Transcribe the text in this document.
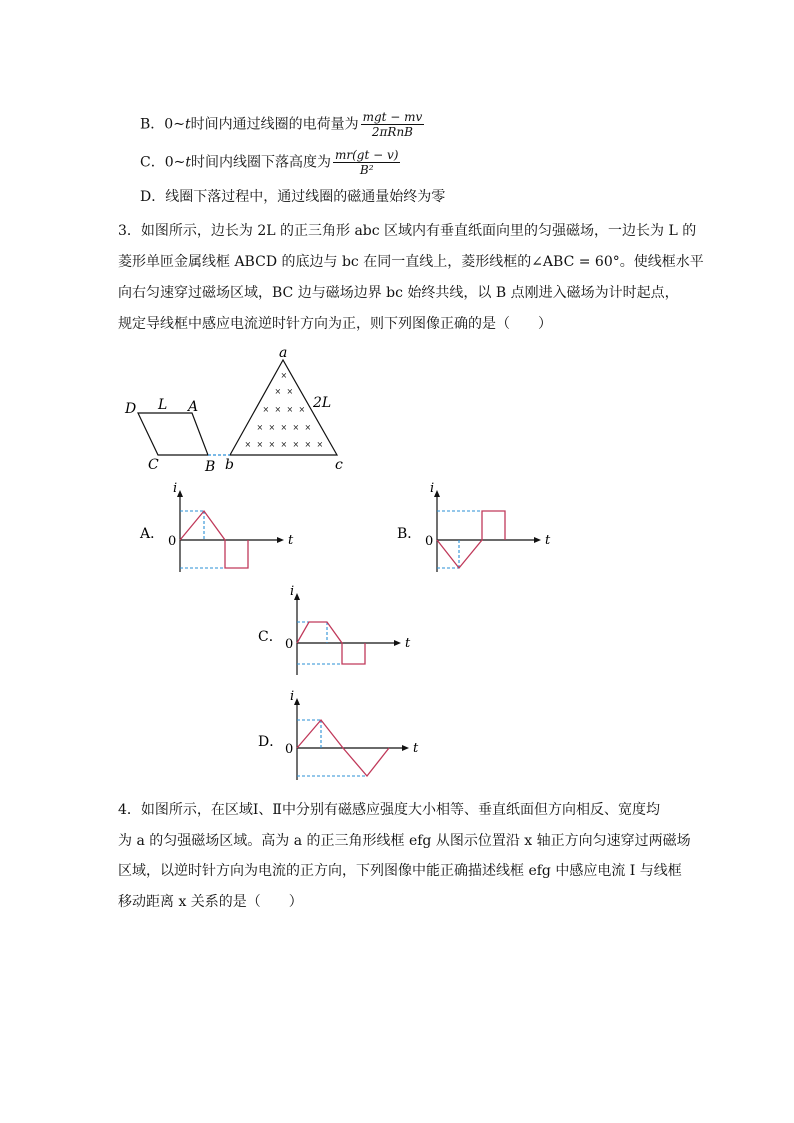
B．0~t时间内通过线圈的电荷量为 $\frac{\text{mgt − mv}}{\text{2πRnB}}$
C．0~t时间内线圈下落高度为 $\frac{mr(gt - v)}{\text{B²}}$
D．线圈下落过程中，通过线圈的磁通量始终为零
3．如图所示，边长为 2L 的正三角形 abc 区域内有垂直纸面向里的匀强磁场，一边长为 L 的
菱形单匝金属线框 ABCD 的底边与 bc 在同一直线上，菱形线框的∠ABC = 60°。使线框水平
向右匀速穿过磁场区域，BC 边与磁场边界 bc 始终共线，以 B 点刚进入磁场为计时起点，
规定导线框中感应电流逆时针方向为正，则下列图像正确的是（　　）
×
× ×
× × × ×
× × × × ×
× × × × × × ×
a
b	c
2L
D L A
C	B
A．
i
0	t	B．
i
0	t
C．
i
0	t
D．
i
0	t
4．如图所示，在区域Ⅰ、Ⅱ中分别有磁感应强度大小相等、垂直纸面但方向相反、宽度均
为 a 的匀强磁场区域。高为 a 的正三角形线框 efg 从图示位置沿 x 轴正方向匀速穿过两磁场
区域，以逆时针方向为电流的正方向，下列图像中能正确描述线框 efg 中感应电流 I 与线框
移动距离 x 关系的是（　　）
